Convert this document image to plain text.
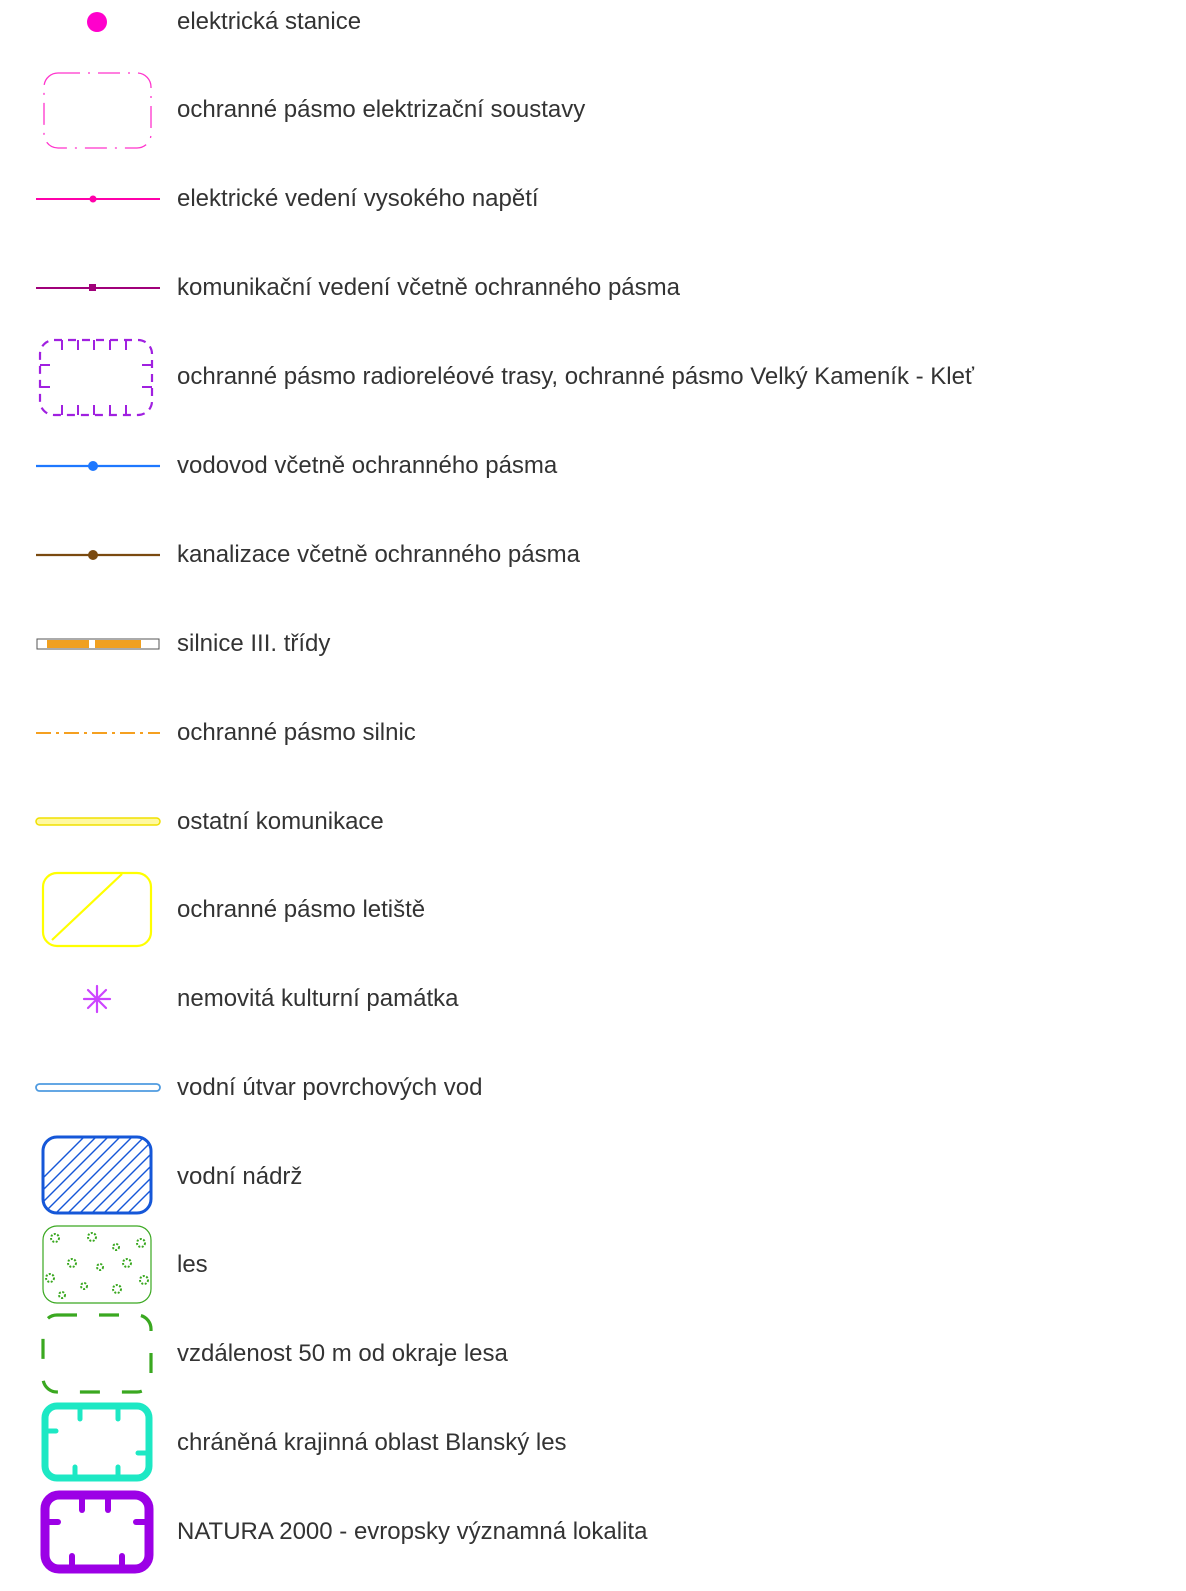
elektrická stanice
ochranné pásmo elektrizační soustavy
elektrické vedení vysokého napětí
komunikační vedení včetně ochranného pásma
ochranné pásmo radioreléové trasy, ochranné pásmo Velký Kameník - Kleť
vodovod včetně ochranného pásma
kanalizace včetně ochranného pásma
silnice III. třídy
ochranné pásmo silnic
ostatní komunikace
ochranné pásmo letiště
nemovitá kulturní památka
vodní útvar povrchových vod
vodní nádrž
les
vzdálenost 50 m od okraje lesa
chráněná krajinná oblast Blanský les
NATURA 2000 - evropsky významná lokalita
